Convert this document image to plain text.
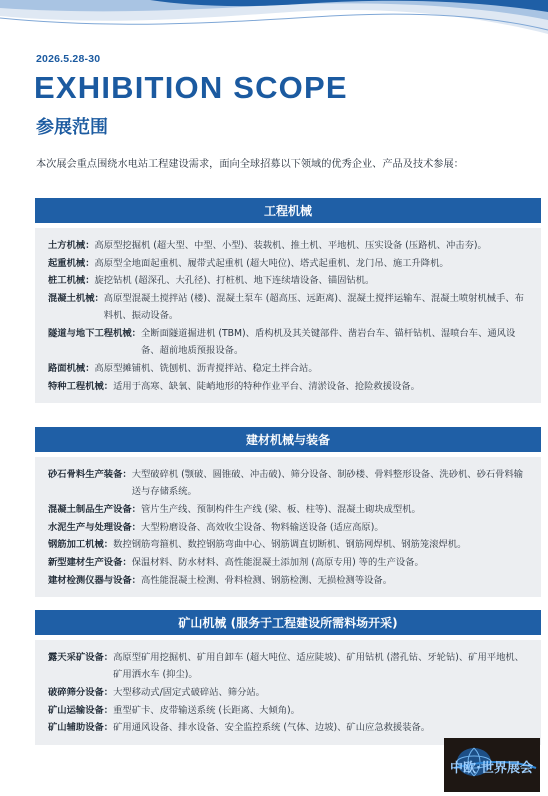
2026.5.28-30
EXHIBITION SCOPE
参展范围
本次展会重点围绕水电站工程建设需求，面向全球招募以下领域的优秀企业、产品及技术参展：
工程机械
土方机械： 高原型挖掘机 (超大型、中型、小型)、装载机、推土机、平地机、压实设备 (压路机、冲击夯)。
起重机械： 高原型全地面起重机、履带式起重机 (超大吨位)、塔式起重机、龙门吊、施工升降机。
桩工机械： 旋挖钻机 (超深孔、大孔径)、打桩机、地下连续墙设备、锚固钻机。
混凝土机械： 高原型混凝土搅拌站 (楼)、混凝土泵车 (超高压、远距离)、混凝土搅拌运输车、混凝土喷射机械手、布料机、振动设备。
隧道与地下工程机械： 全断面隧道掘进机 (TBM)、盾构机及其关键部件、凿岩台车、锚杆钻机、湿喷台车、通风设备、超前地质预报设备。
路面机械： 高原型摊铺机、铣刨机、沥青搅拌站、稳定土拌合站。
特种工程机械： 适用于高寒、缺氧、陡峭地形的特种作业平台、清淤设备、抢险救援设备。
建材机械与装备
砂石骨料生产装备： 大型破碎机 (颚破、圆锥破、冲击破)、筛分设备、制砂楼、骨料整形设备、洗砂机、砂石骨料输送与存储系统。
混凝土制品生产设备： 管片生产线、预制构件生产线 (梁、板、柱等)、混凝土砌块成型机。
水泥生产与处理设备： 大型粉磨设备、高效收尘设备、物料输送设备 (适应高原)。
钢筋加工机械： 数控钢筋弯箍机、数控钢筋弯曲中心、钢筋调直切断机、钢筋网焊机、钢筋笼滚焊机。
新型建材生产设备： 保温材料、防水材料、高性能混凝土添加剂 (高原专用) 等的生产设备。
建材检测仪器与设备： 高性能混凝土检测、骨料检测、钢筋检测、无损检测等设备。
矿山机械 (服务于工程建设所需料场开采)
露天采矿设备： 高原型矿用挖掘机、矿用自卸车 (超大吨位、适应陡坡)、矿用钻机 (潜孔钻、牙轮钻)、矿用平地机、矿用洒水车 (抑尘)。
破碎筛分设备： 大型移动式/固定式破碎站、筛分站。
矿山运输设备： 重型矿卡、皮带输送系统 (长距离、大倾角)。
矿山辅助设备： 矿用通风设备、排水设备、安全监控系统 (气体、边坡)、矿山应急救援装备。
中欧·世界展会
